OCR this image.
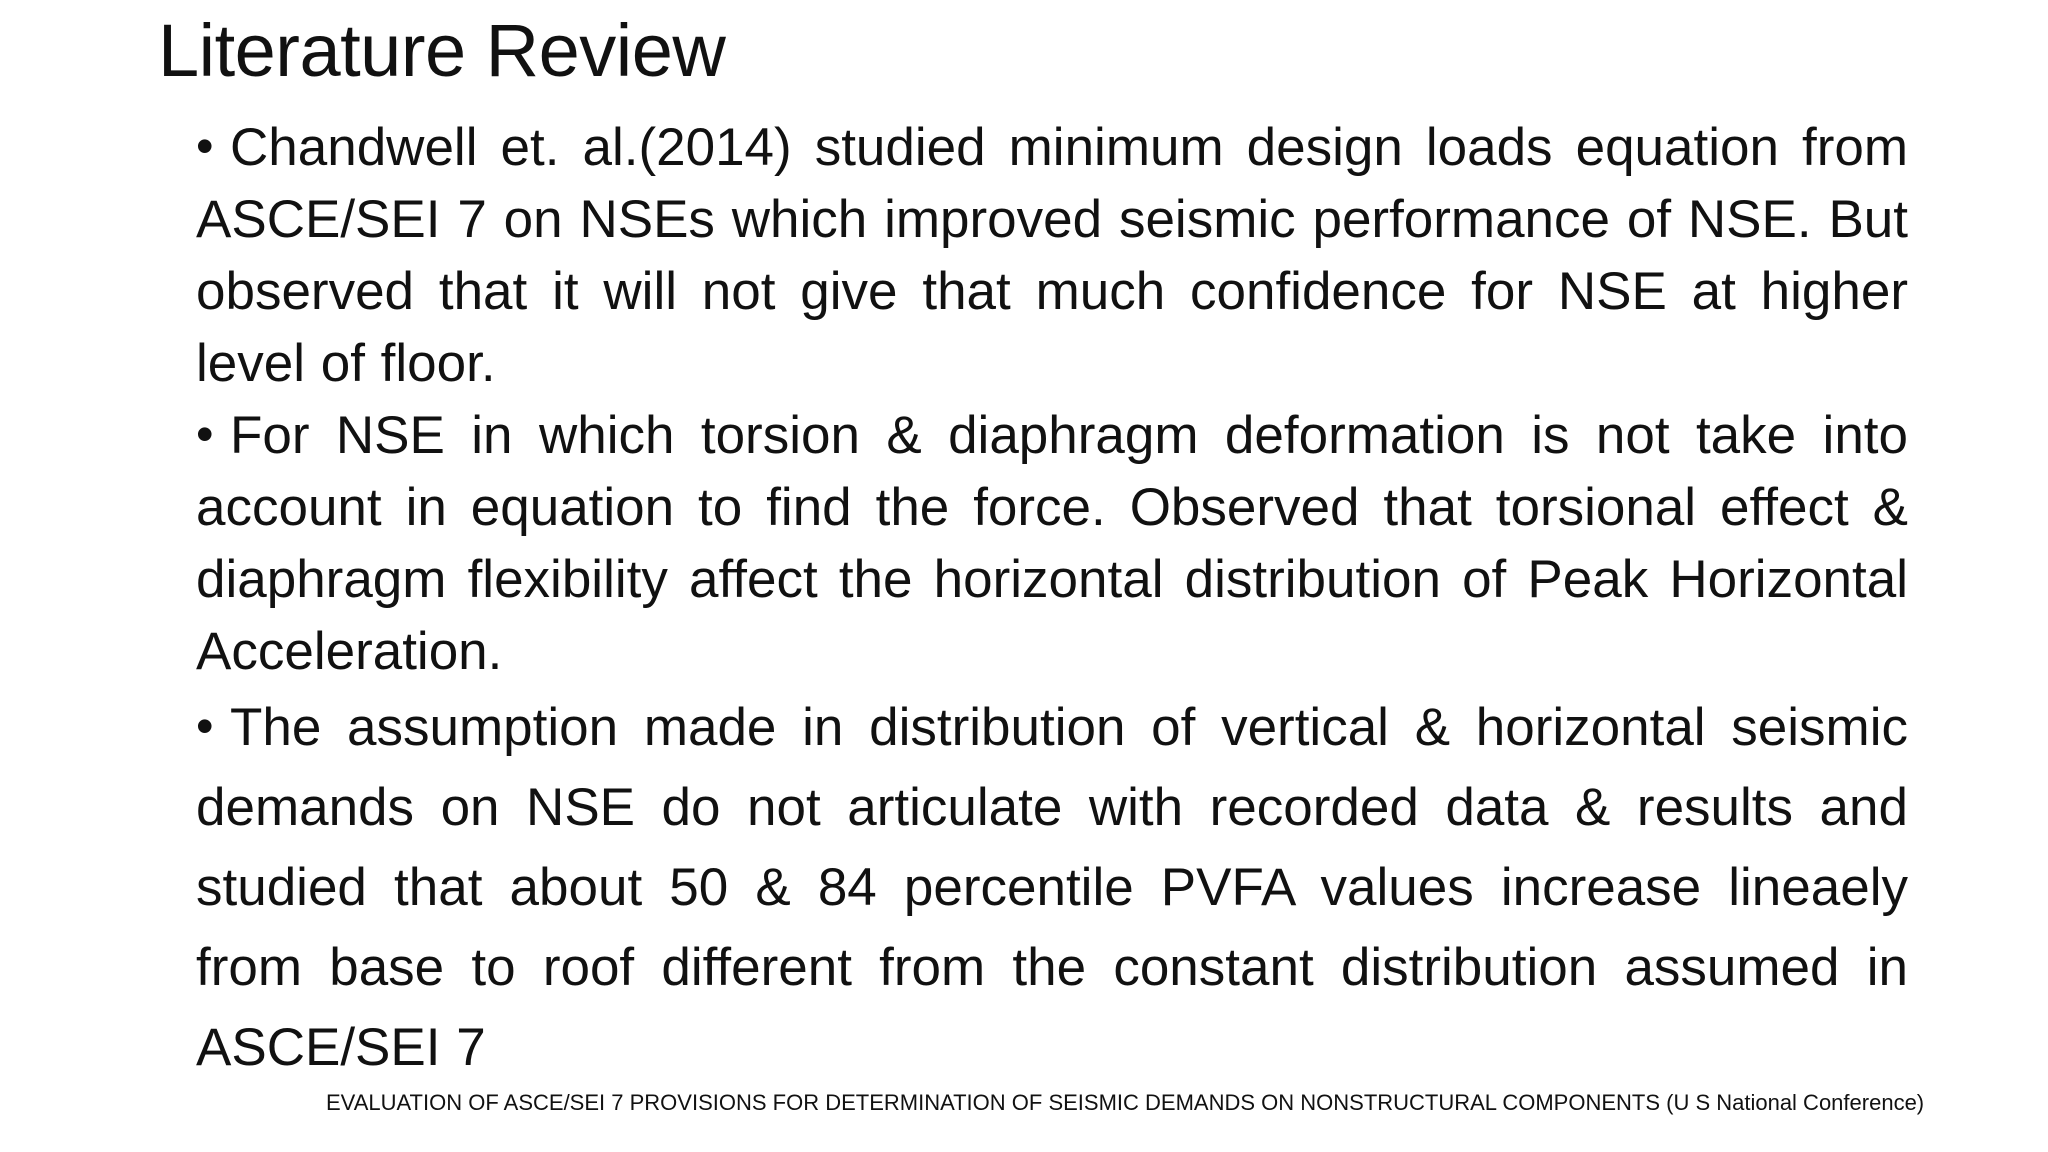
Literature Review
• Chandwell et. al.(2014) studied minimum design loads equation from ASCE/SEI 7 on NSEs which improved seismic performance of NSE. But observed that it will not give that much confidence for NSE at higher level of floor.
• For NSE in which torsion & diaphragm deformation is not take into account in equation to find the force. Observed that torsional effect & diaphragm flexibility affect the horizontal distribution of Peak Horizontal Acceleration.
• The assumption made in distribution of vertical & horizontal seismic demands on NSE do not articulate with recorded data & results and studied that about 50 & 84 percentile PVFA values increase lineaely from base to roof different from the constant distribution assumed in ASCE/SEI 7

EVALUATION OF ASCE/SEI 7 PROVISIONS FOR DETERMINATION OF SEISMIC DEMANDS ON NONSTRUCTURAL COMPONENTS (U S National Conference)
